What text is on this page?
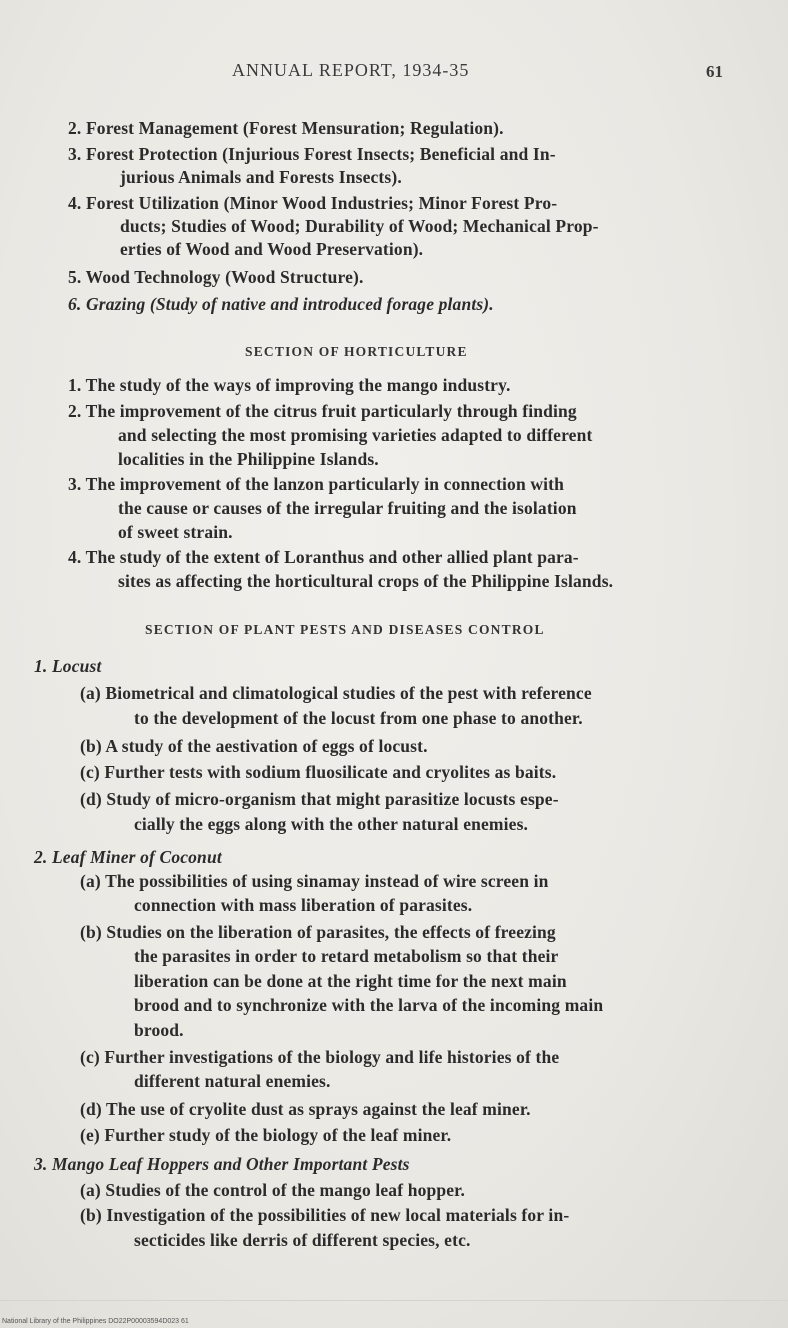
ANNUAL REPORT, 1934-35	61
2. Forest Management (Forest Mensuration; Regulation).
3. Forest Protection (Injurious Forest Insects; Beneficial and In-
jurious Animals and Forests Insects).
4. Forest Utilization (Minor Wood Industries; Minor Forest Pro-
ducts; Studies of Wood; Durability of Wood; Mechanical Prop-
erties of Wood and Wood Preservation).
5. Wood Technology (Wood Structure).
6. Grazing (Study of native and introduced forage plants).
SECTION OF HORTICULTURE
1. The study of the ways of improving the mango industry.
2. The improvement of the citrus fruit particularly through finding
and selecting the most promising varieties adapted to different
localities in the Philippine Islands.
3. The improvement of the lanzon particularly in connection with
the cause or causes of the irregular fruiting and the isolation
of sweet strain.
4. The study of the extent of Loranthus and other allied plant para-
sites as affecting the horticultural crops of the Philippine Islands.
SECTION OF PLANT PESTS AND DISEASES CONTROL
1. Locust
(a) Biometrical and climatological studies of the pest with reference
to the development of the locust from one phase to another.
(b) A study of the aestivation of eggs of locust.
(c) Further tests with sodium fluosilicate and cryolites as baits.
(d) Study of micro-organism that might parasitize locusts espe-
cially the eggs along with the other natural enemies.
2. Leaf Miner of Coconut
(a) The possibilities of using sinamay instead of wire screen in
connection with mass liberation of parasites.
(b) Studies on the liberation of parasites, the effects of freezing
the parasites in order to retard metabolism so that their
liberation can be done at the right time for the next main
brood and to synchronize with the larva of the incoming main
brood.
(c) Further investigations of the biology and life histories of the
different natural enemies.
(d) The use of cryolite dust as sprays against the leaf miner.
(e) Further study of the biology of the leaf miner.
3. Mango Leaf Hoppers and Other Important Pests
(a) Studies of the control of the mango leaf hopper.
(b) Investigation of the possibilities of new local materials for in-
secticides like derris of different species, etc.
National Library of the Philippines DO22P00003594D023 61
